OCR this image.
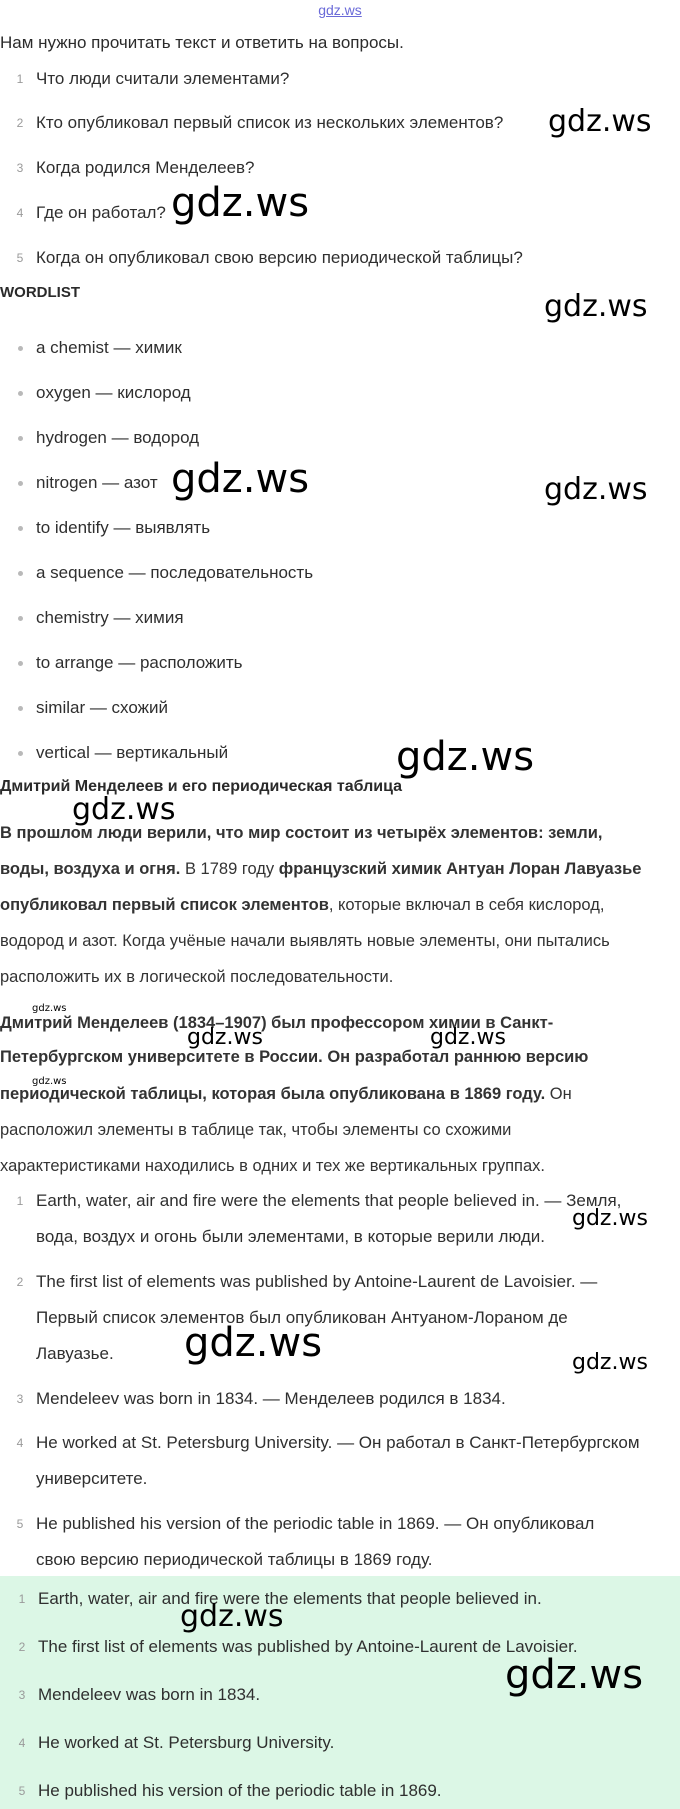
gdz.ws
Нам нужно прочитать текст и ответить на вопросы.
1 Что люди считали элементами?
2 Кто опубликовал первый список из нескольких элементов?
3 Когда родился Менделеев?
4 Где он работал?
5 Когда он опубликовал свою версию периодической таблицы?
WORDLIST
a chemist — химик
oxygen — кислород
hydrogen — водород
nitrogen — азот
to identify — выявлять
a sequence — последовательность
chemistry — химия
to arrange — расположить
similar — схожий
vertical — вертикальный
Дмитрий Менделеев и его периодическая таблица
В прошлом люди верили, что мир состоит из четырёх элементов: земли,
воды, воздуха и огня. В 1789 году французский химик Антуан Лоран Лавуазье
опубликовал первый список элементов, которые включал в себя кислород,
водород и азот. Когда учёные начали выявлять новые элементы, они пытались
расположить их в логической последовательности.
Дмитрий Менделеев (1834–1907) был профессором химии в Санкт-
Петербургском университете в России. Он разработал раннюю версию
периодической таблицы, которая была опубликована в 1869 году. Он
расположил элементы в таблице так, чтобы элементы со схожими
характеристиками находились в одних и тех же вертикальных группах.
1 Earth, water, air and fire were the elements that people believed in. — Земля,
вода, воздух и огонь были элементами, в которые верили люди.
2 The first list of elements was published by Antoine-Laurent de Lavoisier. —
Первый список элементов был опубликован Антуаном-Лораном де
Лавуазье.
3 Mendeleev was born in 1834. — Менделеев родился в 1834.
4 He worked at St. Petersburg University. — Он работал в Санкт-Петербургском
университете.
5 He published his version of the periodic table in 1869. — Он опубликовал
свою версию периодической таблицы в 1869 году.
1 Earth, water, air and fire were the elements that people believed in.
2 The first list of elements was published by Antoine-Laurent de Lavoisier.
3 Mendeleev was born in 1834.
4 He worked at St. Petersburg University.
5 He published his version of the periodic table in 1869.
gdz.ws
gdz.ws
gdz.ws
gdz.ws	gdz.ws
gdz.ws
gdz.ws
gdz.ws
gdz.ws	gdz.ws
gdz.ws
gdz.ws
gdz.ws	gdz.ws
gdz.ws
gdz.ws
